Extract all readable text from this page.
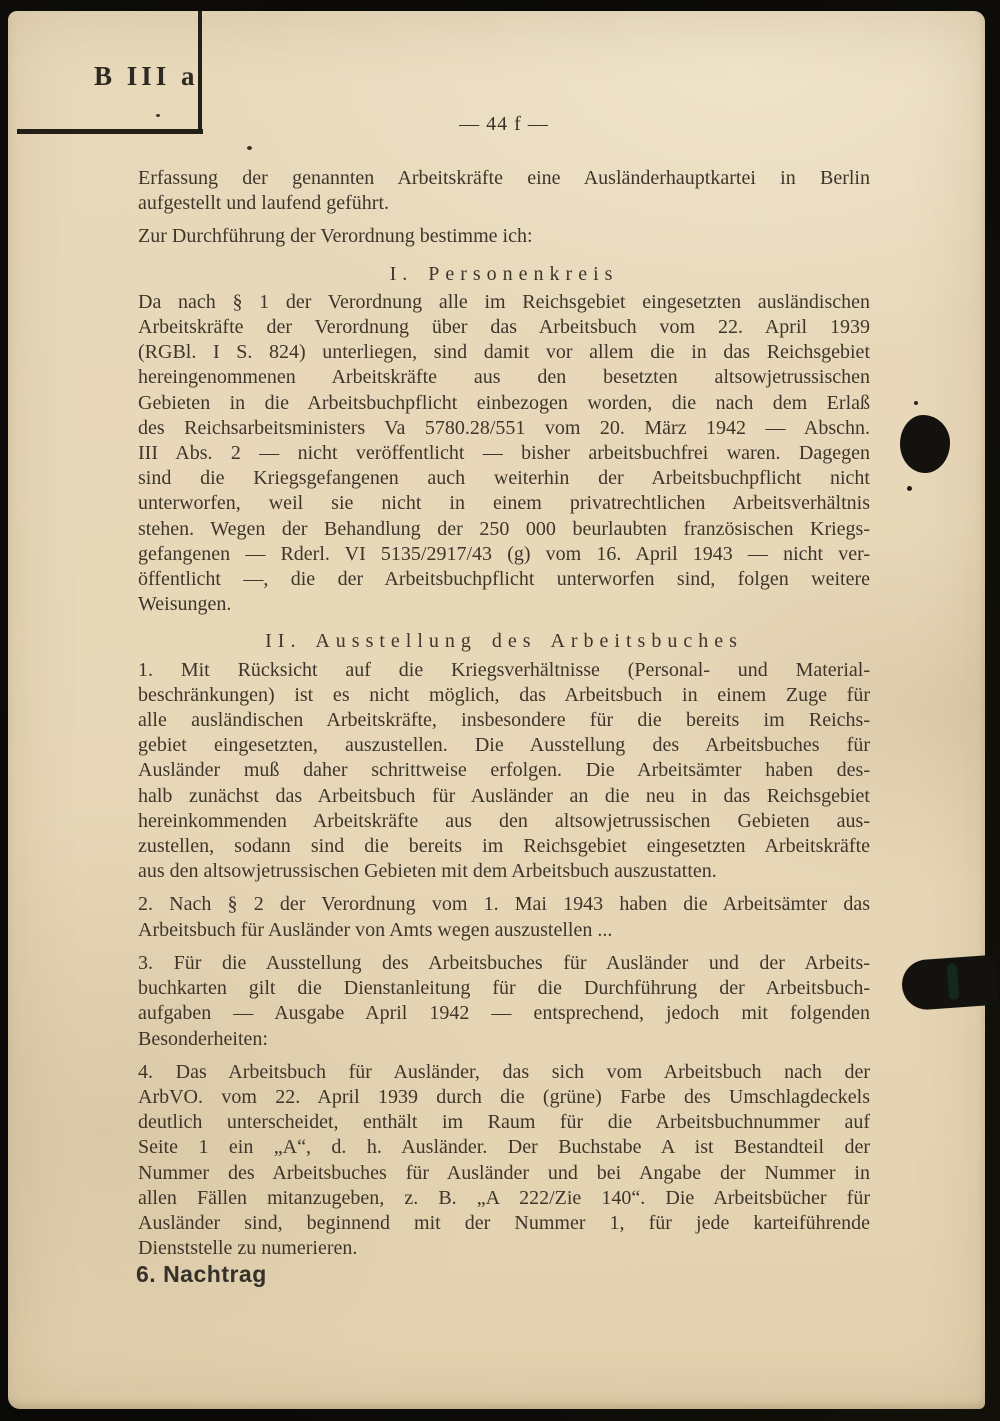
B III a
— 44 f —
Erfassung der genannten Arbeitskräfte eine Ausländerhauptkartei in Berlin
aufgestellt und laufend geführt.
Zur Durchführung der Verordnung bestimme ich:
I. Personenkreis
Da nach § 1 der Verordnung alle im Reichsgebiet eingesetzten ausländischen
Arbeitskräfte der Verordnung über das Arbeitsbuch vom 22. April 1939
(RGBl. I S. 824) unterliegen, sind damit vor allem die in das Reichsgebiet
hereingenommenen Arbeitskräfte aus den besetzten altsowjetrussischen
Gebieten in die Arbeitsbuchpflicht einbezogen worden, die nach dem Erlaß
des Reichsarbeitsministers Va 5780.28/551 vom 20. März 1942 — Abschn.
III Abs. 2 — nicht veröffentlicht — bisher arbeitsbuchfrei waren. Dagegen
sind die Kriegsgefangenen auch weiterhin der Arbeitsbuchpflicht nicht
unterworfen, weil sie nicht in einem privatrechtlichen Arbeitsverhältnis
stehen. Wegen der Behandlung der 250 000 beurlaubten französischen Kriegs-
gefangenen — Rderl. VI 5135/2917/43 (g) vom 16. April 1943 — nicht ver-
öffentlicht —, die der Arbeitsbuchpflicht unterworfen sind, folgen weitere
Weisungen.
II. Ausstellung des Arbeitsbuches
1. Mit Rücksicht auf die Kriegsverhältnisse (Personal- und Material-
beschränkungen) ist es nicht möglich, das Arbeitsbuch in einem Zuge für
alle ausländischen Arbeitskräfte, insbesondere für die bereits im Reichs-
gebiet eingesetzten, auszustellen. Die Ausstellung des Arbeitsbuches für
Ausländer muß daher schrittweise erfolgen. Die Arbeitsämter haben des-
halb zunächst das Arbeitsbuch für Ausländer an die neu in das Reichsgebiet
hereinkommenden Arbeitskräfte aus den altsowjetrussischen Gebieten aus-
zustellen, sodann sind die bereits im Reichsgebiet eingesetzten Arbeitskräfte
aus den altsowjetrussischen Gebieten mit dem Arbeitsbuch auszustatten.
2. Nach § 2 der Verordnung vom 1. Mai 1943 haben die Arbeitsämter das
Arbeitsbuch für Ausländer von Amts wegen auszustellen ...
3. Für die Ausstellung des Arbeitsbuches für Ausländer und der Arbeits-
buchkarten gilt die Dienstanleitung für die Durchführung der Arbeitsbuch-
aufgaben — Ausgabe April 1942 — entsprechend, jedoch mit folgenden
Besonderheiten:
4. Das Arbeitsbuch für Ausländer, das sich vom Arbeitsbuch nach der
ArbVO. vom 22. April 1939 durch die (grüne) Farbe des Umschlagdeckels
deutlich unterscheidet, enthält im Raum für die Arbeitsbuchnummer auf
Seite 1 ein „A“, d. h. Ausländer. Der Buchstabe A ist Bestandteil der
Nummer des Arbeitsbuches für Ausländer und bei Angabe der Nummer in
allen Fällen mitanzugeben, z. B. „A 222/Zie 140“. Die Arbeitsbücher für
Ausländer sind, beginnend mit der Nummer 1, für jede karteiführende
Dienststelle zu numerieren.
6. Nachtrag
